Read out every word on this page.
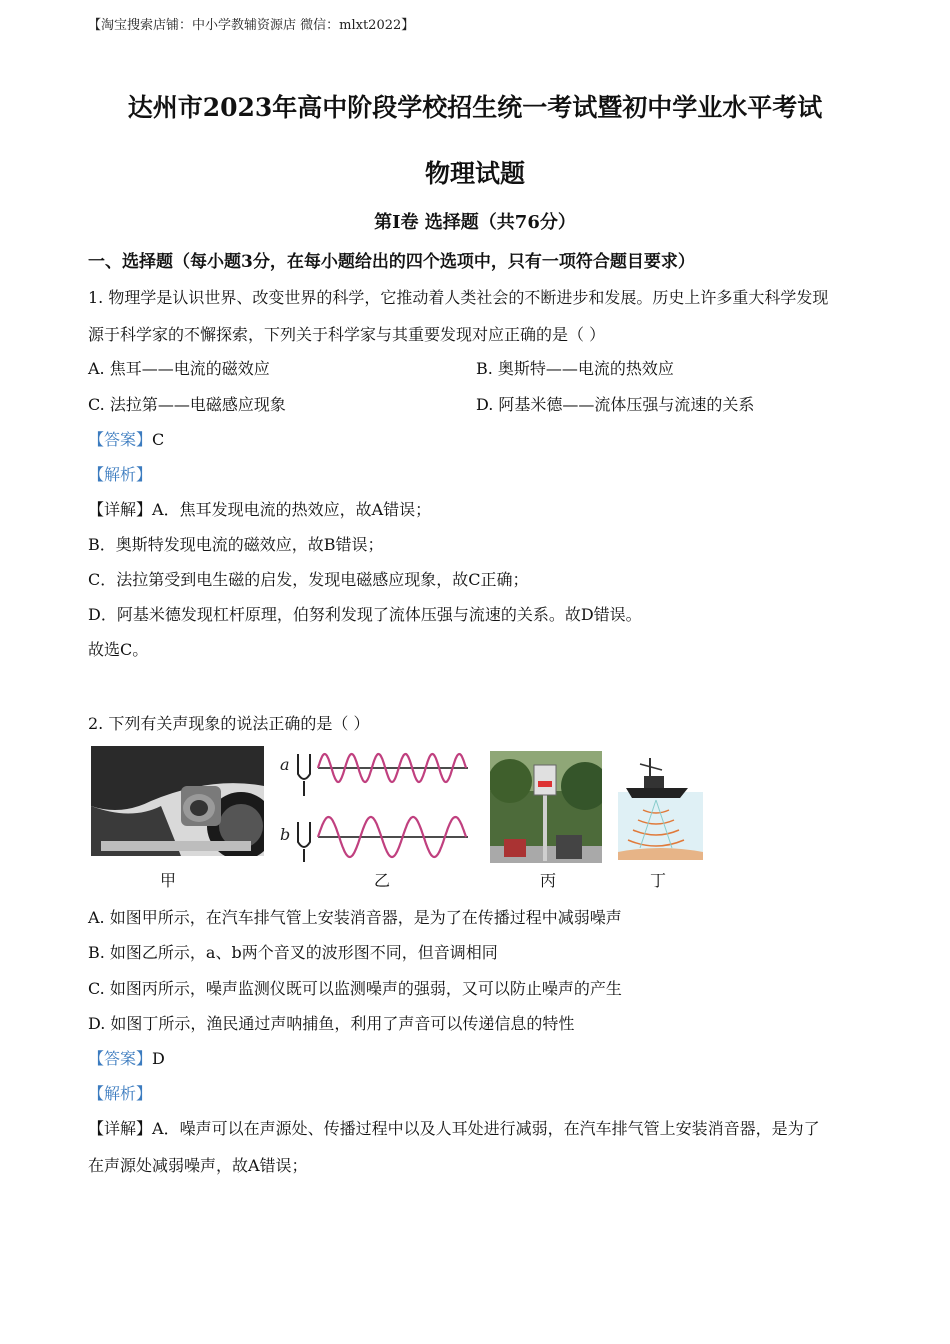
【淘宝搜索店铺：中小学教辅资源店 微信：mlxt2022】
达州市2023年高中阶段学校招生统一考试暨初中学业水平考试
物理试题
第Ⅰ卷 选择题（共76分）
一、选择题（每小题3分，在每小题给出的四个选项中，只有一项符合题目要求）
1. 物理学是认识世界、改变世界的科学，它推动着人类社会的不断进步和发展。历史上许多重大科学发现
源于科学家的不懈探索，下列关于科学家与其重要发现对应正确的是（ ）
A. 焦耳——电流的磁效应	B. 奥斯特——电流的热效应
C. 法拉第——电磁感应现象	D. 阿基米德——流体压强与流速的关系
【答案】C
【解析】
【详解】A．焦耳发现电流的热效应，故A错误；
B．奥斯特发现电流的磁效应，故B错误；
C．法拉第受到电生磁的启发，发现电磁感应现象，故C正确；
D．阿基米德发现杠杆原理，伯努利发现了流体压强与流速的关系。故D错误。
故选C。
2. 下列有关声现象的说法正确的是（ ）
a
b
甲	乙	丙	丁
A. 如图甲所示，在汽车排气管上安装消音器，是为了在传播过程中减弱噪声
B. 如图乙所示，a、b两个音叉的波形图不同，但音调相同
C. 如图丙所示，噪声监测仪既可以监测噪声的强弱，又可以防止噪声的产生
D. 如图丁所示，渔民通过声呐捕鱼，利用了声音可以传递信息的特性
【答案】D
【解析】
【详解】A．噪声可以在声源处、传播过程中以及人耳处进行减弱，在汽车排气管上安装消音器，是为了
在声源处减弱噪声，故A错误；
